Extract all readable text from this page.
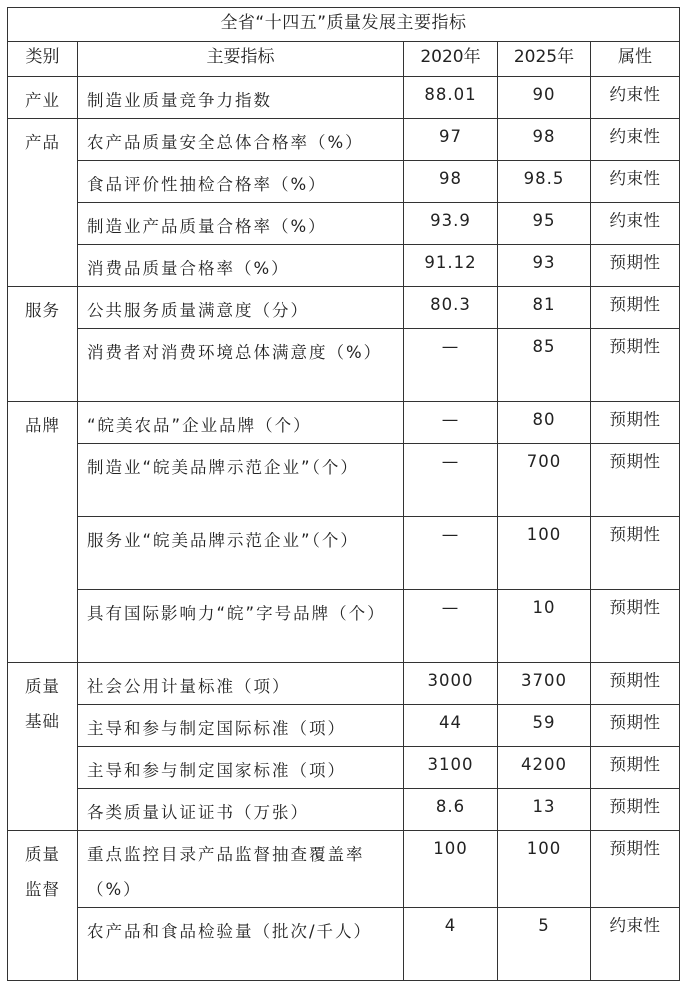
全省“十四五”质量发展主要指标				
类别	主要指标	2020年	2025年	属性
产业	制造业质量竞争力指数	88.01	90	约束性
产品	农产品质量安全总体合格率（%）	97	98	约束性
	食品评价性抽检合格率（%）	98	98.5	约束性
	制造业产品质量合格率（%）	93.9	95	约束性
	消费品质量合格率（%）	91.12	93	预期性
服务	公共服务质量满意度（分）	80.3	81	预期性
	消费者对消费环境总体满意度（%）	—	85	预期性
品牌	“皖美农品”企业品牌（个）	—	80	预期性
	制造业“皖美品牌示范企业”（个）	—	700	预期性
	服务业“皖美品牌示范企业”（个）	—	100	预期性
	具有国际影响力“皖”字号品牌（个）	—	10	预期性
质量基础	社会公用计量标准（项）	3000	3700	预期性
	主导和参与制定国际标准（项）	44	59	预期性
	主导和参与制定国家标准（项）	3100	4200	预期性
	各类质量认证证书（万张）	8.6	13	预期性
质量监督	重点监控目录产品监督抽查覆盖率（%）	100	100	预期性
	农产品和食品检验量（批次/千人）	4	5	约束性
